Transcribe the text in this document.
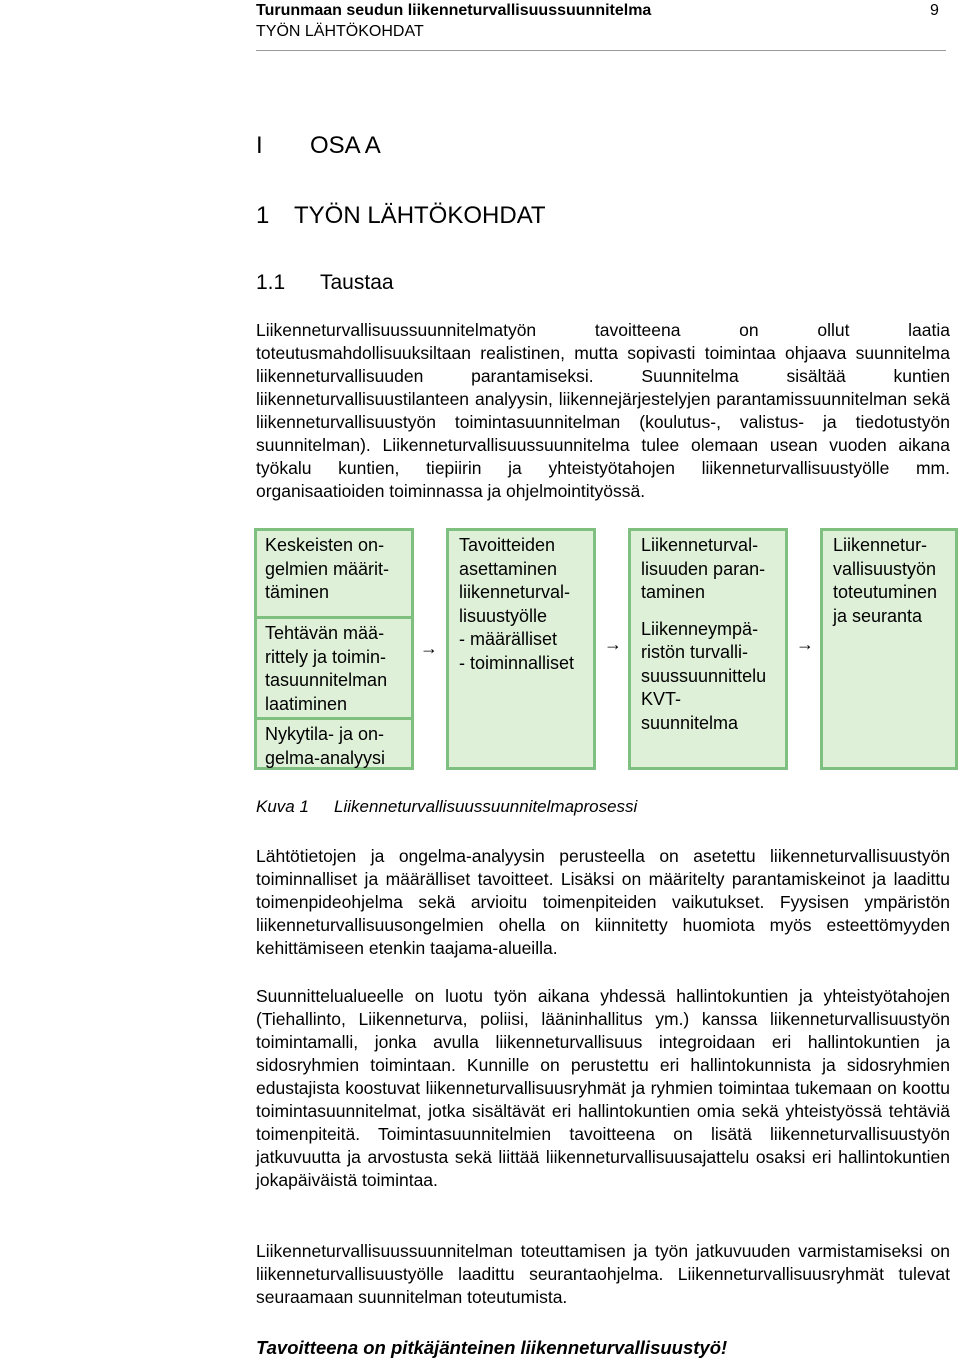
Turunmaan seudun liikenneturvallisuussuunnitelma
TYÖN LÄHTÖKOHDAT
9
I OSA A
1 TYÖN LÄHTÖKOHDAT
1.1 Taustaa

Liikenneturvallisuussuunnitelmatyön tavoitteena on ollut laatia toteutusmahdollisuuksiltaan realistinen, mutta sopivasti toimintaa ohjaava suunnitelma liikenneturvallisuuden parantamiseksi. Suunnitelma sisältää kuntien liikenneturvallisuustilanteen analyysin, liikennejärjestelyjen parantamissuunnitelman sekä liikenneturvallisuustyön toimintasuunnitelman (koulutus-, valistus- ja tiedotustyön suunnitelman). Liikenneturvallisuussuunnitelma tulee olemaan usean vuoden aikana työkalu kuntien, tiepiirin ja yhteistyötahojen liikenneturvallisuustyölle mm. organisaatioiden toiminnassa ja ohjelmointityössä.

Keskeisten on-
gelmien määrit-
täminen
Tehtävän mää-
rittely ja toimin-
tasuunnitelman
laatiminen
Nykytila- ja on-
gelma-analyysi
→
Tavoitteiden
asettaminen
liikenneturval-
lisuustyölle
- määrälliset
- toiminnalliset
→
Liikenneturval-
lisuuden paran-
taminen
Liikenneympä-
ristön turvalli-
suussuunnittelu
KVT-
suunnitelma
→
Liikennetur-
vallisuustyön
toteutuminen
ja seuranta
Kuva 1 Liikenneturvallisuussuunnitelmaprosessi

Lähtötietojen ja ongelma-analyysin perusteella on asetettu liikenneturvallisuustyön toiminnalliset ja määrälliset tavoitteet. Lisäksi on määritelty parantamiskeinot ja laadittu toimenpideohjelma sekä arvioitu toimenpiteiden vaikutukset. Fyysisen ympäristön liikenneturvallisuusongelmien ohella on kiinnitetty huomiota myös esteettömyyden kehittämiseen etenkin taajama-alueilla.

Suunnittelualueelle on luotu työn aikana yhdessä hallintokuntien ja yhteistyötahojen (Tiehallinto, Liikenneturva, poliisi, lääninhallitus ym.) kanssa liikenneturvallisuustyön toimintamalli, jonka avulla liikenneturvallisuus integroidaan eri hallintokuntien ja sidosryhmien toimintaan. Kunnille on perustettu eri hallintokunnista ja sidosryhmien edustajista koostuvat liikenneturvallisuusryhmät ja ryhmien toimintaa tukemaan on koottu toimintasuunnitelmat, jotka sisältävät eri hallintokuntien omia sekä yhteistyössä tehtäviä toimenpiteitä. Toimintasuunnitelmien tavoitteena on lisätä liikenneturvallisuustyön jatkuvuutta ja arvostusta sekä liittää liikenneturvallisuusajattelu osaksi eri hallintokuntien jokapäiväistä toimintaa.

Liikenneturvallisuussuunnitelman toteuttamisen ja työn jatkuvuuden varmistamiseksi on liikenneturvallisuustyölle laadittu seurantaohjelma. Liikenneturvallisuusryhmät tulevat seuraamaan suunnitelman toteutumista.

Tavoitteena on pitkäjänteinen liikenneturvallisuustyö!
